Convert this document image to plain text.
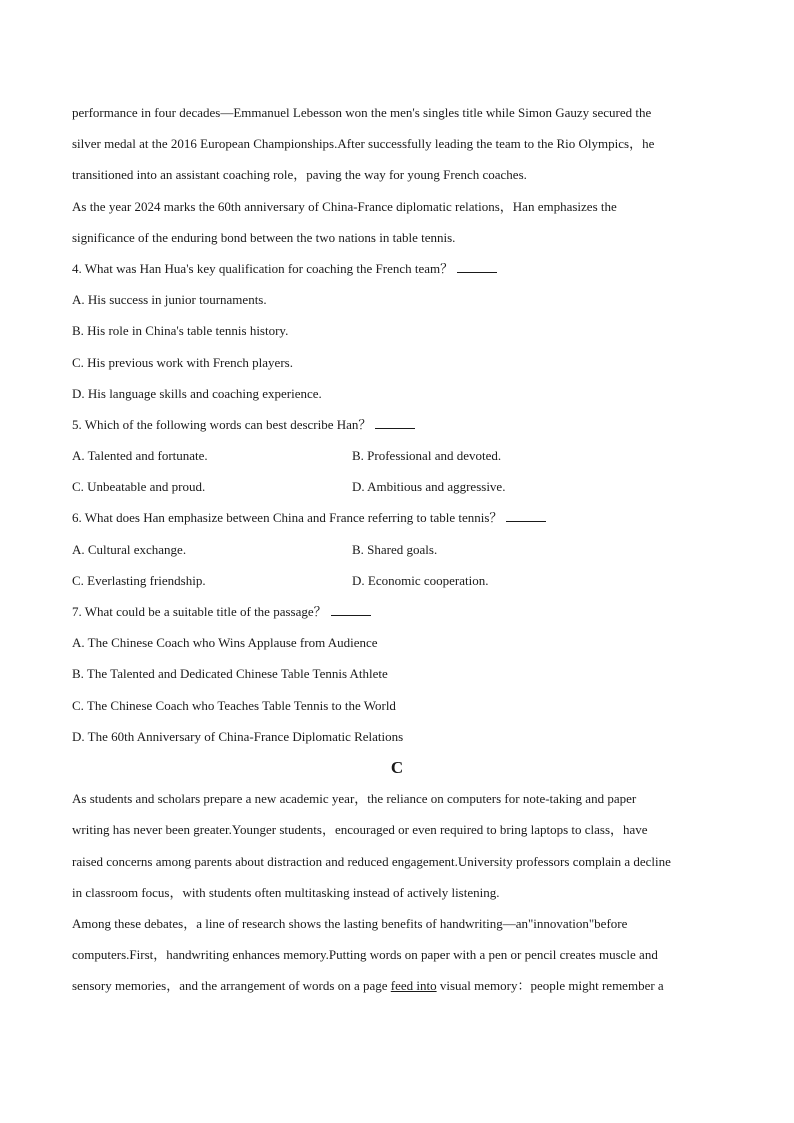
performance in four decades—Emmanuel Lebesson won the men's singles title while Simon Gauzy secured the
silver medal at the 2016 European Championships.After successfully leading the team to the Rio Olympics，he
transitioned into an assistant coaching role，paving the way for young French coaches.
As the year 2024 marks the 60th anniversary of China-France diplomatic relations，Han emphasizes the
significance of the enduring bond between the two nations in table tennis.
4. What was Han Hua's key qualification for coaching the French team？
A. His success in junior tournaments.
B. His role in China's table tennis history.
C. His previous work with French players.
D. His language skills and coaching experience.
5. Which of the following words can best describe Han？
A. Talented and fortunate.	B. Professional and devoted.
C. Unbeatable and proud.	D. Ambitious and aggressive.
6. What does Han emphasize between China and France referring to table tennis？
A. Cultural exchange.	B. Shared goals.
C. Everlasting friendship.	D. Economic cooperation.
7. What could be a suitable title of the passage？
A. The Chinese Coach who Wins Applause from Audience
B. The Talented and Dedicated Chinese Table Tennis Athlete
C. The Chinese Coach who Teaches Table Tennis to the World
D. The 60th Anniversary of China-France Diplomatic Relations
C
As students and scholars prepare a new academic year，the reliance on computers for note-taking and paper
writing has never been greater.Younger students，encouraged or even required to bring laptops to class，have
raised concerns among parents about distraction and reduced engagement.University professors complain a decline
in classroom focus，with students often multitasking instead of actively listening.
Among these debates，a line of research shows the lasting benefits of handwriting—an"innovation"before
computers.First，handwriting enhances memory.Putting words on paper with a pen or pencil creates muscle and
sensory memories，and the arrangement of words on a page feed into visual memory：people might remember a
